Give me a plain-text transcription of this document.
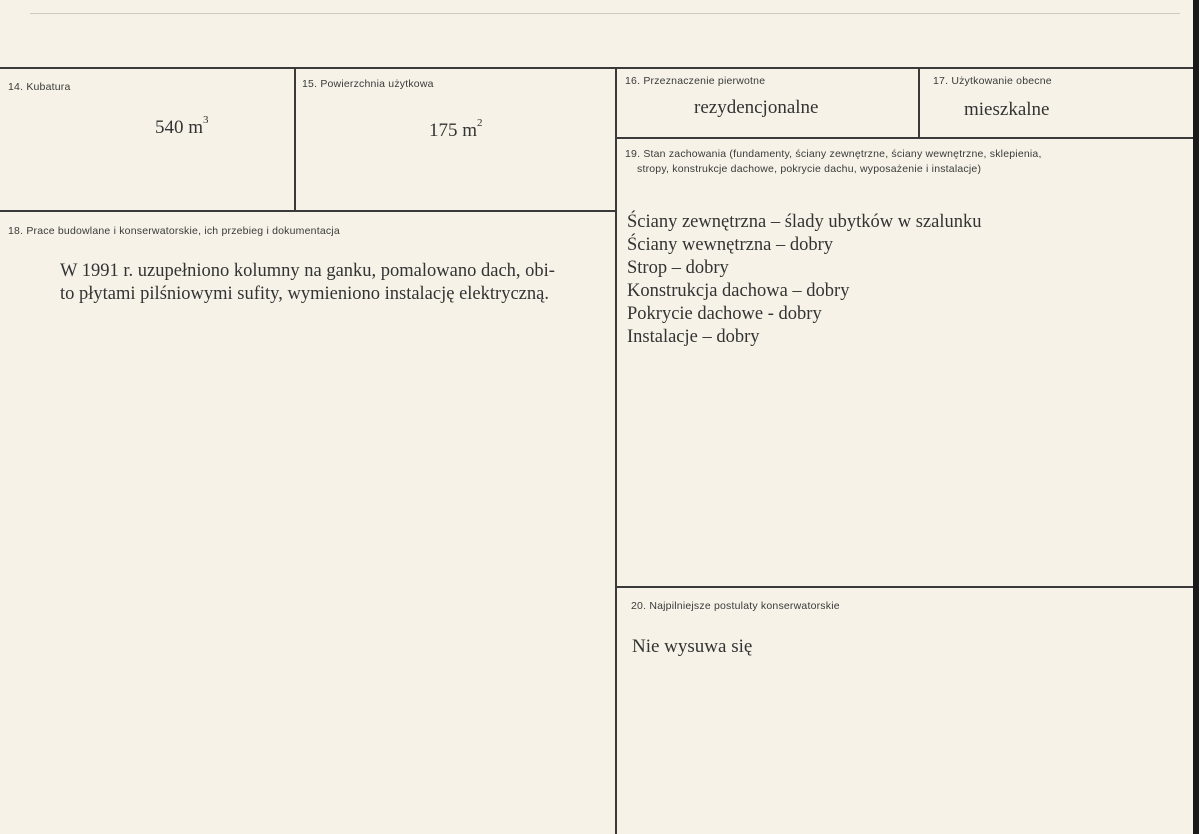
14. Kubatura
540 $m^3$
15. Powierzchnia użytkowa
175 $m^2$
16. Przeznaczenie pierwotne
rezydencjonalne
17. Użytkowanie obecne
mieszkalne
18. Prace budowlane i konserwatorskie, ich przebieg i dokumentacja
W 1991 r. uzupełniono kolumny na ganku, pomalowano dach, obi-
to płytami pilśniowymi sufity, wymieniono instalację elektryczną.
19. Stan zachowania (fundamenty, ściany zewnętrzne, ściany wewnętrzne, sklepienia,
stropy, konstrukcje dachowe, pokrycie dachu, wyposażenie i instalacje)
Ściany zewnętrzna – ślady ubytków w szalunku
Ściany wewnętrzna – dobry
Strop – dobry
Konstrukcja dachowa – dobry
Pokrycie dachowe - dobry
Instalacje – dobry
20. Najpilniejsze postulaty konserwatorskie
Nie wysuwa się
